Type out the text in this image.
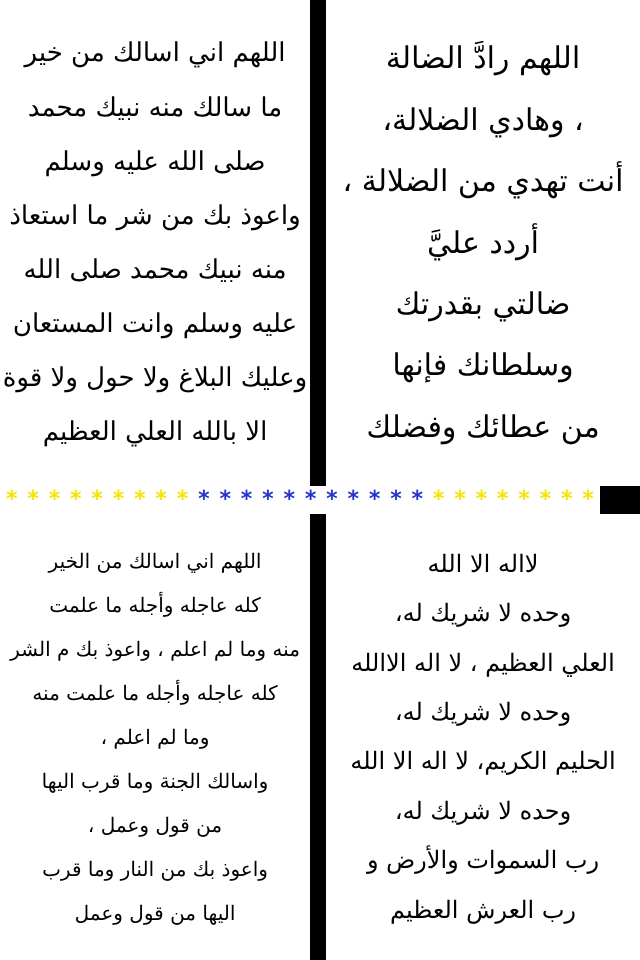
اللهم اني اسالك من خير
ما سالك منه نبيك محمد
صلى الله عليه وسلم
واعوذ بك من شر ما استعاذ
منه نبيك محمد صلى الله
عليه وسلم وانت المستعان
وعليك البلاغ ولا حول ولا قوة
الا بالله العلي العظيم
اللهم رادَّ الضالة
، وهادي الضلالة،
أنت تهدي من الضلالة ،
أردد عليَّ
ضالتي بقدرتك
وسلطانك فإنها
من عطائك وفضلك
* * * * * * * * * * * * * * * * * * * * * * * * * * * *
اللهم اني اسالك من الخير
كله عاجله وأجله ما علمت
منه وما لم اعلم ، واعوذ بك م الشر
كله عاجله وأجله ما علمت منه
وما لم اعلم ،
واسالك الجنة وما قرب اليها
من قول وعمل ،
واعوذ بك من النار وما قرب
اليها من قول وعمل
لااله الا الله
وحده لا شريك له،
العلي العظيم ، لا اله الاالله
وحده لا شريك له،
الحليم الكريم، لا اله الا الله
وحده لا شريك له،
رب السموات والأرض و
رب العرش العظيم
